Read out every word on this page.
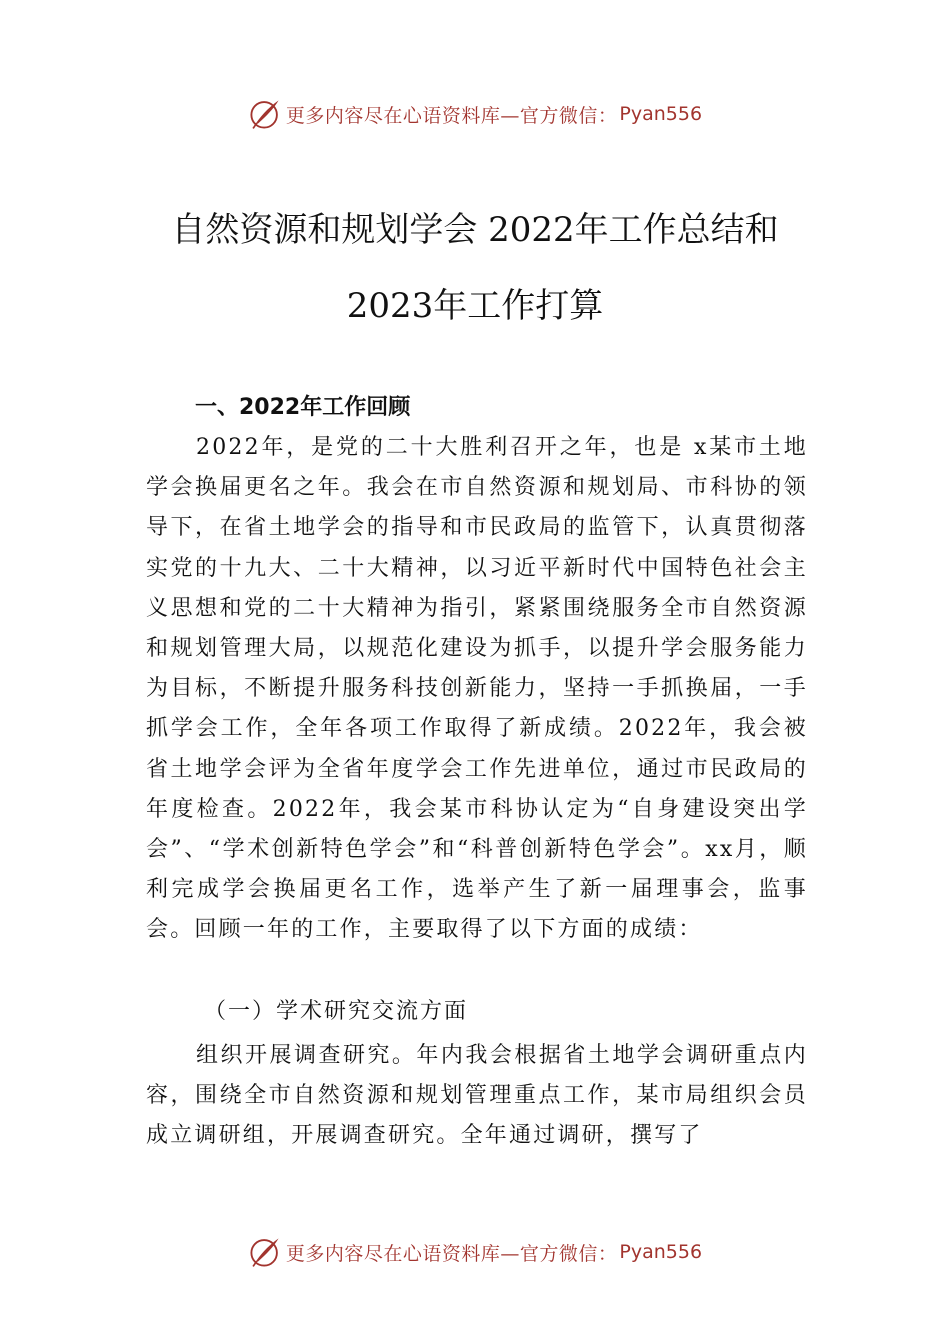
更多内容尽在心语资料库—官方微信： Pyan556
自然资源和规划学会 2022年工作总结和
2023年工作打算
一、2022年工作回顾
2022年，是党的二十大胜利召开之年，也是 x某市土地学会换届更名之年。我会在市自然资源和规划局、市科协的领导下，在省土地学会的指导和市民政局的监管下，认真贯彻落实党的十九大、二十大精神，以习近平新时代中国特色社会主义思想和党的二十大精神为指引，紧紧围绕服务全市自然资源和规划管理大局，以规范化建设为抓手，以提升学会服务能力为目标，不断提升服务科技创新能力，坚持一手抓换届，一手抓学会工作，全年各项工作取得了新成绩。2022年，我会被省土地学会评为全省年度学会工作先进单位，通过市民政局的年度检查。2022年，我会某市科协认定为“自身建设突出学会”、“学术创新特色学会”和“科普创新特色学会”。xx月，顺利完成学会换届更名工作，选举产生了新一届理事会，监事会。回顾一年的工作，主要取得了以下方面的成绩：
（一）学术研究交流方面
组织开展调查研究。年内我会根据省土地学会调研重点内容，围绕全市自然资源和规划管理重点工作，某市局组织会员成立调研组，开展调查研究。全年通过调研，撰写了
更多内容尽在心语资料库—官方微信： Pyan556
